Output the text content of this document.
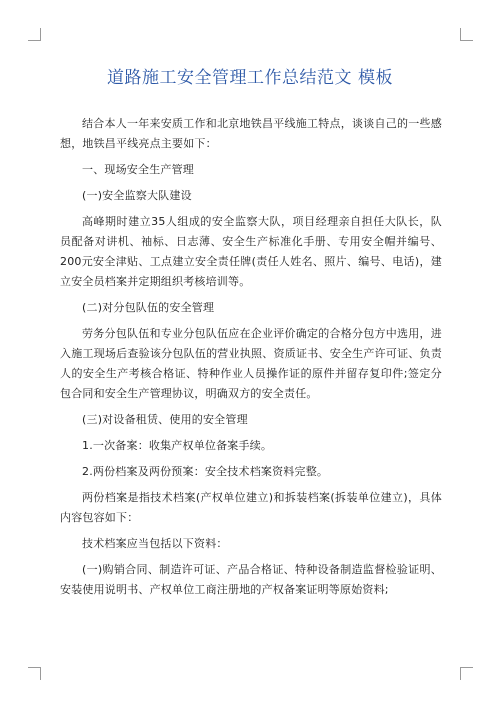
道路施工安全管理工作总结范文 模板

结合本人一年来安质工作和北京地铁昌平线施工特点，谈谈自己的一些感想，地铁昌平线亮点主要如下：

一、现场安全生产管理

(一)安全监察大队建设

高峰期时建立35人组成的安全监察大队，项目经理亲自担任大队长，队员配备对讲机、袖标、日志薄、安全生产标准化手册、专用安全帽并编号、200元安全津贴、工点建立安全责任牌(责任人姓名、照片、编号、电话)，建立安全员档案并定期组织考核培训等。

(二)对分包队伍的安全管理

劳务分包队伍和专业分包队伍应在企业评价确定的合格分包方中选用，进入施工现场后查验该分包队伍的营业执照、资质证书、安全生产许可证、负责人的安全生产考核合格证、特种作业人员操作证的原件并留存复印件;签定分包合同和安全生产管理协议，明确双方的安全责任。

(三)对设备租赁、使用的安全管理

1.一次备案：收集产权单位备案手续。

2.两份档案及两份预案：安全技术档案资料完整。

两份档案是指技术档案(产权单位建立)和拆装档案(拆装单位建立)，具体内容包容如下：

技术档案应当包括以下资料：

(一)购销合同、制造许可证、产品合格证、特种设备制造监督检验证明、安装使用说明书、产权单位工商注册地的产权备案证明等原始资料;
